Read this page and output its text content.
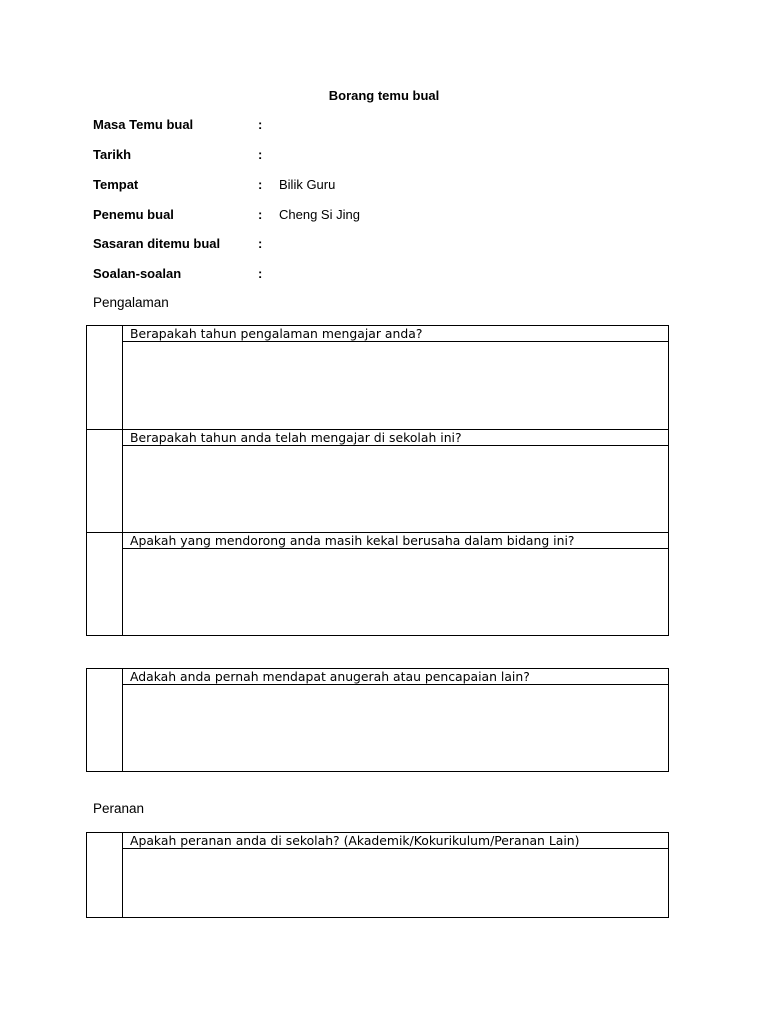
Borang temu bual
Masa Temu bual	:
Tarikh	:
Tempat	: Bilik Guru
Penemu bual	: Cheng Si Jing
Sasaran ditemu bual	:
Soalan-soalan	:
Pengalaman
	Berapakah tahun pengalaman mengajar anda?

	Berapakah tahun anda telah mengajar di sekolah ini?

	Apakah yang mendorong anda masih kekal berusaha dalam bidang ini?

	Adakah anda pernah mendapat anugerah atau pencapaian lain?

Peranan
	Apakah peranan anda di sekolah? (Akademik/Kokurikulum/Peranan Lain)
